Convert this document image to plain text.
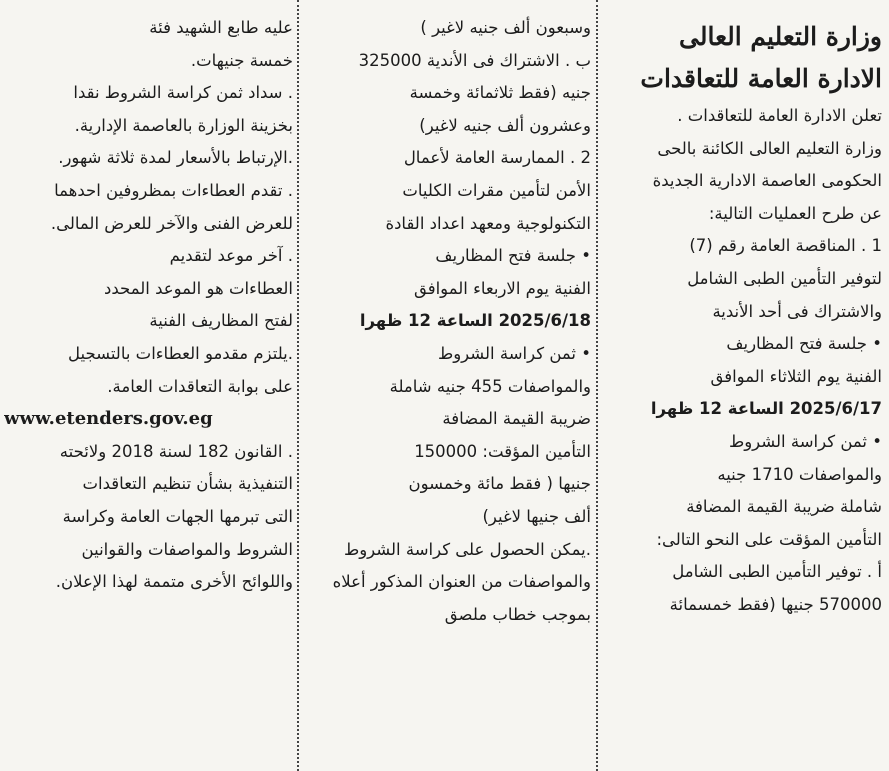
وزارة التعليم العالى
الادارة العامة للتعاقدات
تعلن الادارة العامة للتعاقدات .
وزارة التعليم العالى الكائنة بالحى
الحكومى العاصمة الادارية الجديدة
عن طرح العمليات التالية:
1 . المناقصة العامة رقم (7)
لتوفير التأمين الطبى الشامل
والاشتراك فى أحد الأندية
• جلسة فتح المظاريف
الفنية يوم الثلاثاء الموافق
2025/6/17 الساعة 12 ظهرا
• ثمن كراسة الشروط
والمواصفات 1710 جنيه
شاملة ضريبة القيمة المضافة
التأمين المؤقت على النحو التالى:
أ . توفير التأمين الطبى الشامل
570000 جنيها (فقط خمسمائة
وسبعون ألف جنيه لاغير )
ب . الاشتراك فى الأندية 325000
جنيه (فقط ثلاثمائة وخمسة
وعشرون ألف جنيه لاغير)
2 . الممارسة العامة لأعمال
الأمن لتأمين مقرات الكليات
التكنولوجية ومعهد اعداد القادة
• جلسة فتح المظاريف
الفنية يوم الاربعاء الموافق
2025/6/18 الساعة 12 ظهرا
• ثمن كراسة الشروط
والمواصفات 455 جنيه شاملة
ضريبة القيمة المضافة
التأمين المؤقت: 150000
جنيها ( فقط مائة وخمسون
ألف جنيها لاغير)
.يمكن الحصول على كراسة الشروط
والمواصفات من العنوان المذكور أعلاه
بموجب خطاب ملصق
عليه طابع الشهيد فئة
خمسة جنيهات.
. سداد ثمن كراسة الشروط نقدا
بخزينة الوزارة بالعاصمة الإدارية.
.الإرتباط بالأسعار لمدة ثلاثة شهور.
. تقدم العطاءات بمظروفين احدهما
للعرض الفنى والآخر للعرض المالى.
. آخر موعد لتقديم
العطاءات هو الموعد المحدد
لفتح المظاريف الفنية
.يلتزم مقدمو العطاءات بالتسجيل
على بوابة التعاقدات العامة.
www.etenders.gov.eg
. القانون 182 لسنة 2018 ولائحته
التنفيذية بشأن تنظيم التعاقدات
التى تبرمها الجهات العامة وكراسة
الشروط والمواصفات والقوانين
واللوائح الأخرى متممة لهذا الإعلان.
